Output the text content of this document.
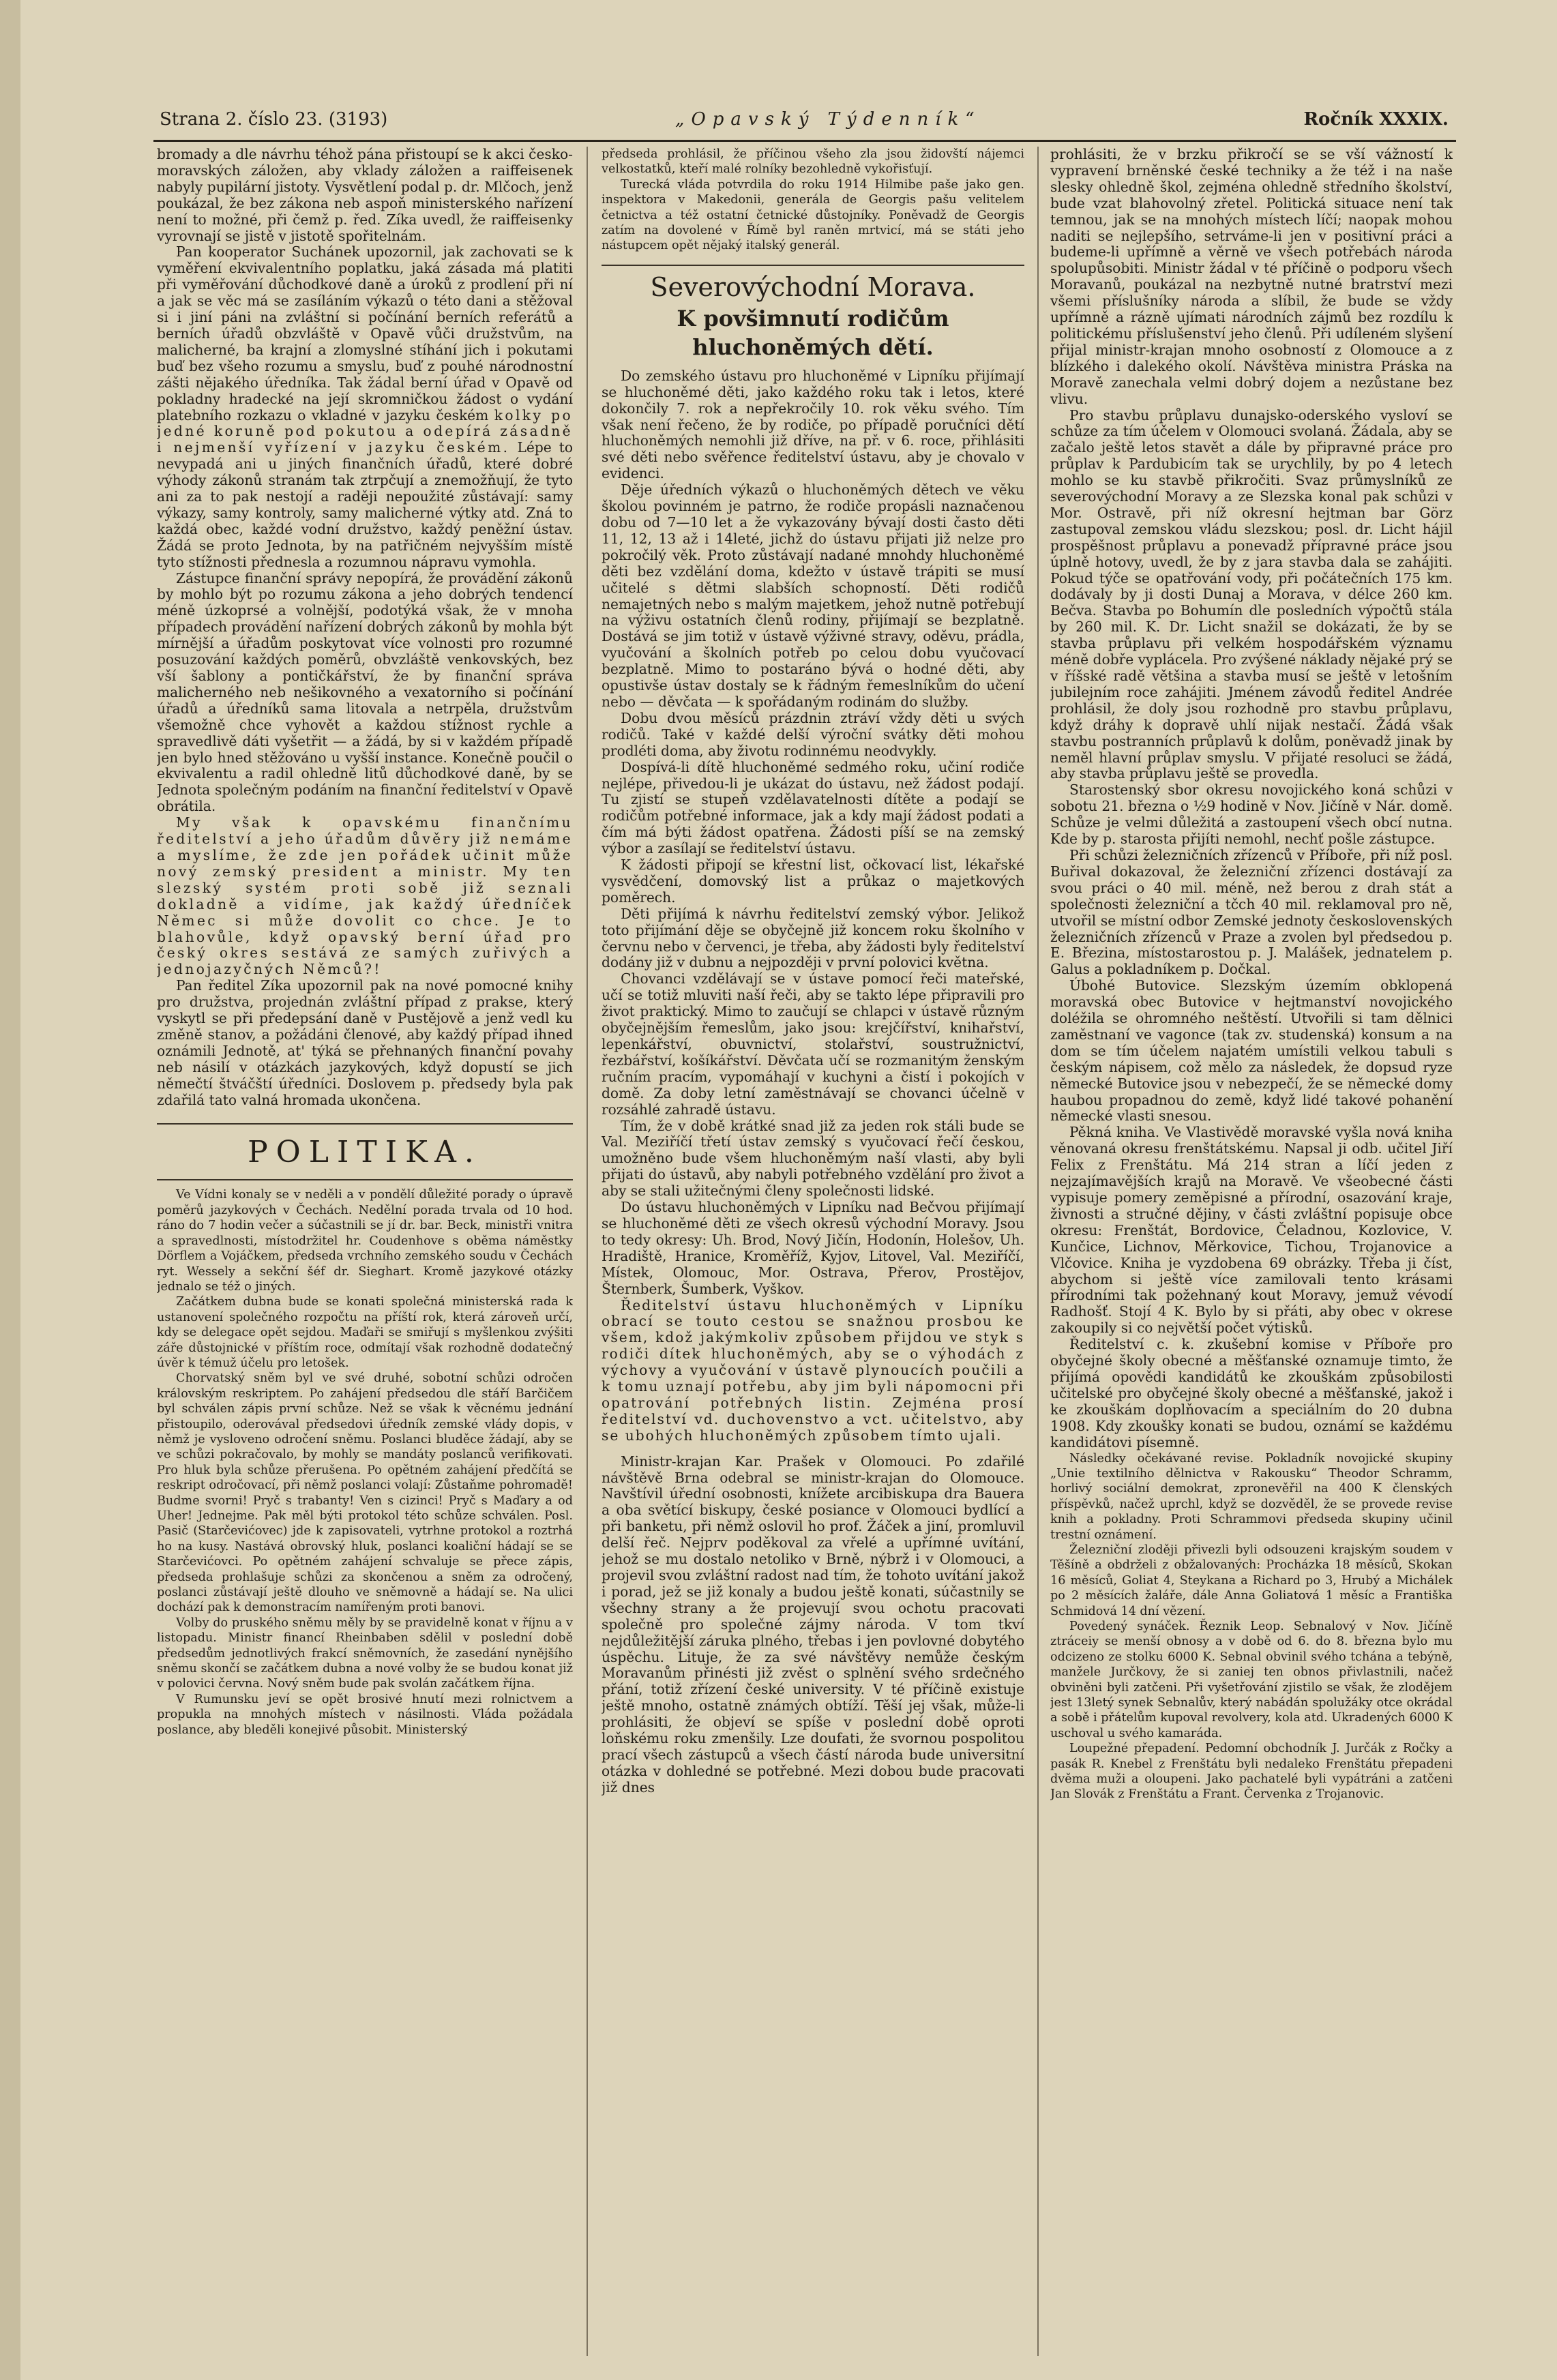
Strana 2. číslo 23. (3193)	„Opavský Týdenník“	Ročník XXXIX.

bromady a dle návrhu téhož pána přistoupí se k akci česko-moravských záložen, aby vklady záložen a raiffeisenek nabyly pupilární jistoty. Vysvětlení podal p. dr. Mlčoch, jenž poukázal, že bez zákona neb aspoň ministerského nařízení není to možné, při čemž p. řed. Zíka uvedl, že raiffeisenky vyrovnají se jistě v jistotě spořitelnám.

Pan kooperator Suchánek upozornil, jak zachovati se k vyměření ekvivalentního poplatku, jaká zásada má platiti při vyměřování důchodkové daně a úroků z prodlení při ní a jak se věc má se zasíláním výkazů o této dani a stěžoval si i jiní páni na zvláštní si počínání berních referátů a berních úřadů obzvláště v Opavě vůči družstvům, na malicherné, ba krajní a zlomyslné stíhání jich i pokutami buď bez všeho rozumu a smyslu, buď z pouhé národnostní zášti nějakého úředníka. Tak žádal berní úřad v Opavě od pokladny hradecké na její skromničkou žádost o vydání platebního rozkazu o vkladné v jazyku českém kolky po jedné koruně pod pokutou a odepírá zásadně i nejmenší vyřízení v jazyku českém. Lépe to nevypadá ani u jiných finančních úřadů, které dobré výhody zákonů stranám tak ztrpčují a znemožňují, že tyto ani za to pak nestojí a raději nepoužité zůstávají: samy výkazy, samy kontroly, samy malicherné výtky atd. Zná to každá obec, každé vodní družstvo, každý peněžní ústav. Žádá se proto Jednota, by na patřičném nejvyšším místě tyto stížnosti přednesla a rozumnou nápravu vymohla.

Zástupce finanční správy nepopírá, že provádění zákonů by mohlo být po rozumu zákona a jeho dobrých tendencí méně úzkoprsé a volnější, podotýká však, že v mnoha případech provádění nařízení dobrých zákonů by mohla být mírnější a úřadům poskytovat více volnosti pro rozumné posuzování každých poměrů, obvzláště venkovských, bez vší šablony a pontičkářství, že by finanční správa malicherného neb nešikovného a vexatorního si počínání úřadů a úředníků sama litovala a netrpěla, družstvům všemožně chce vyhovět a každou stížnost rychle a spravedlivě dáti vyšetřit — a žádá, by si v každém případě jen bylo hned stěžováno u vyšší instance. Konečně poučil o ekvivalentu a radil ohledně litů důchodkové daně, by se Jednota společným podáním na finanční ředitelství v Opavě obrátila.

My však k opavskému finančnímu ředitelství a jeho úřadům důvěry již nemáme a myslíme, že zde jen pořádek učinit může nový zemský president a ministr. My ten slezský systém proti sobě již seznali dokladně a vidíme, jak každý úředníček Němec si může dovolit co chce. Je to blahovůle, když opavský berní úřad pro český okres sestává ze samých zuřivých a jednojazyčných Němců?!

Pan ředitel Zíka upozornil pak na nové pomocné knihy pro družstva, projednán zvláštní případ z prakse, který vyskytl se při předepsání daně v Pustějově a jenž vedl ku změně stanov, a požádáni členové, aby každý případ ihned oznámili Jednotě, at' týká se přehnaných finanční povahy neb násilí v otázkách jazykových, když dopustí se jich němečtí štváčští úředníci. Doslovem p. předsedy byla pak zdařilá tato valná hromada ukončena.

POLITIKA.

Ve Vídni konaly se v neděli a v pondělí důležité porady o úpravě poměrů jazykových v Čechách. Nedělní porada trvala od 10 hod. ráno do 7 hodin večer a súčastnili se jí dr. bar. Beck, ministři vnitra a spravedlnosti, místodržitel hr. Coudenhove s oběma náměstky Dörflem a Vojáčkem, předseda vrchního zemského soudu v Čechách ryt. Wessely a sekční šéf dr. Sieghart. Kromě jazykové otázky jednalo se též o jiných.

Začátkem dubna bude se konati společná ministerská rada k ustanovení společného rozpočtu na příští rok, která zároveň určí, kdy se delegace opět sejdou. Maďaři se smiřují s myšlenkou zvýšiti záře důstojnické v příštím roce, odmítají však rozhodně dodatečný úvěr k témuž účelu pro letošek.

Chorvatský sněm byl ve své druhé, sobotní schůzi odročen královským reskriptem. Po zahájení předsedou dle stáří Barčičem byl schválen zápis první schůze. Než se však k věcnému jednání přistoupilo, oderovával předsedovi úředník zemské vlády dopis, v němž je vysloveno odročení sněmu. Poslanci bluděce žádají, aby se ve schůzi pokračovalo, by mohly se mandáty poslanců verifikovati. Pro hluk byla schůze přerušena. Po opětném zahájení předčítá se reskript odročovací, při němž poslanci volají: Zůstaňme pohromadě! Budme svorni! Pryč s trabanty! Ven s cizinci! Pryč s Maďary a od Uher! Jednejme. Pak měl býti protokol této schůze schválen. Posl. Pasič (Starčevićovec) jde k zapisovateli, vytrhne protokol a roztrhá ho na kusy. Nastává obrovský hluk, poslanci koaliční hádají se se Starčevićovci. Po opětném zahájení schvaluje se přece zápis, předseda prohlašuje schůzi za skončenou a sněm za odročený, poslanci zůstávají ještě dlouho ve sněmovně a hádají se. Na ulici dochází pak k demonstracím namířeným proti banovi.

Volby do pruského sněmu měly by se pravidelně konat v říjnu a v listopadu. Ministr financí Rheinbaben sdělil v poslední době předsedům jednotlivých frakcí sněmovních, že zasedání nynějšího sněmu skončí se začátkem dubna a nové volby že se budou konat již v polovici června. Nový sněm bude pak svolán začátkem října.

V Rumunsku jeví se opět brosivé hnutí mezi rolnictvem a propukla na mnohých místech v násilnosti. Vláda požádala poslance, aby bleděli konejivé působit. Ministerský

předseda prohlásil, že příčinou všeho zla jsou židovští nájemci velkostatků, kteří malé rolníky bezohledně vykořisťují.

Turecká vláda potvrdila do roku 1914 Hilmibe paše jako gen. inspektora v Makedonii, generála de Georgis pašu velitelem četnictva a též ostatní četnické důstojníky. Poněvadž de Georgis zatím na dovolené v Římě byl raněn mrtvicí, má se státi jeho nástupcem opět nějaký italský generál.

Severovýchodní Morava.
K povšimnutí rodičům hluchoněmých dětí.

Do zemského ústavu pro hluchoněmé v Lipníku přijímají se hluchoněmé děti, jako každého roku tak i letos, které dokončily 7. rok a nepřekročily 10. rok věku svého. Tím však není řečeno, že by rodiče, po případě poručníci dětí hluchoněmých nemohli již dříve, na př. v 6. roce, přihlásiti své děti nebo svěřence ředitelství ústavu, aby je chovalo v evidenci.

Děje úředních výkazů o hluchoněmých dětech ve věku školou povinném je patrno, že rodiče propásli naznačenou dobu od 7—10 let a že vykazovány bývají dosti často děti 11, 12, 13 až i 14leté, jichž do ústavu přijati již nelze pro pokročilý věk. Proto zůstávají nadané mnohdy hluchoněmé děti bez vzdělání doma, kdežto v ústavě trápiti se musí učitelé s dětmi slabších schopností. Děti rodičů nemajetných nebo s malým majetkem, jehož nutně potřebují na výživu ostatních členů rodiny, přijímají se bezplatně. Dostává se jim totiž v ústavě výživné stravy, oděvu, prádla, vyučování a školních potřeb po celou dobu vyučovací bezplatně. Mimo to postaráno bývá o hodné děti, aby opustivše ústav dostaly se k řádným řemeslníkům do učení nebo — děvčata — k spořádaným rodinám do služby.

Dobu dvou měsíců prázdnin ztráví vždy děti u svých rodičů. Také v každé delší výroční svátky děti mohou prodléti doma, aby životu rodinnému neodvykly.

Dospívá-li dítě hluchoněmé sedmého roku, učiní rodiče nejlépe, přivedou-li je ukázat do ústavu, než žádost podají. Tu zjistí se stupeň vzdělavatelnosti dítěte a podají se rodičům potřebné informace, jak a kdy mají žádost podati a čím má býti žádost opatřena. Žádosti píší se na zemský výbor a zasílají se ředitelství ústavu.

K žádosti připojí se křestní list, očkovací list, lékařské vysvědčení, domovský list a průkaz o majetkových poměrech.

Děti přijímá k návrhu ředitelství zemský výbor. Jelikož toto přijímání děje se obyčejně již koncem roku školního v červnu nebo v červenci, je třeba, aby žádosti byly ředitelství dodány již v dubnu a nejpozději v první polovici května.

Chovanci vzdělávají se v ústave pomocí řeči mateřské, učí se totiž mluviti naší řeči, aby se takto lépe připravili pro život praktický. Mimo to zaučují se chlapci v ústavě různým obyčejnějším řemeslům, jako jsou: krejčířství, knihařství, lepenkářství, obuvnictví, stolařství, soustružnictví, řezbářství, košíkářství. Děvčata učí se rozmanitým ženským ručním pracím, vypomáhají v kuchyni a čistí i pokojích v domě. Za doby letní zaměstnávají se chovanci účelně v rozsáhlé zahradě ústavu.

Tím, že v době krátké snad již za jeden rok stáli bude se Val. Meziříčí třetí ústav zemský s vyučovací řečí českou, umožněno bude všem hluchoněmým naší vlasti, aby byli přijati do ústavů, aby nabyli potřebného vzdělání pro život a aby se stali užitečnými členy společnosti lidské.

Do ústavu hluchoněmých v Lipníku nad Bečvou přijímají se hluchoněmé děti ze všech okresů východní Moravy. Jsou to tedy okresy: Uh. Brod, Nový Jičín, Hodonín, Holešov, Uh. Hradiště, Hranice, Kroměříž, Kyjov, Litovel, Val. Meziříčí, Místek, Olomouc, Mor. Ostrava, Přerov, Prostějov, Šternberk, Šumberk, Vyškov.

Ředitelství ústavu hluchoněmých v Lipníku obrací se touto cestou se snažnou prosbou ke všem, kdož jakýmkoliv způsobem přijdou ve styk s rodiči dítek hluchoněmých, aby se o výhodách z výchovy a vyučování v ústavě plynoucích poučili a k tomu uznají potřebu, aby jim byli nápomocni při opatrování potřebných listin. Zejména prosí ředitelství vd. duchovenstvo a vct. učitelstvo, aby se ubohých hluchoněmých způsobem tímto ujali.

Ministr-krajan Kar. Prašek v Olomouci. Po zdařilé návštěvě Brna odebral se ministr-krajan do Olomouce. Navštívil úřední osobnosti, knížete arcibiskupa dra Bauera a oba světící biskupy, české posiance v Olomouci bydlící a při banketu, při němž oslovil ho prof. Žáček a jiní, promluvil delší řeč. Nejprv poděkoval za vřelé a upřímné uvítání, jehož se mu dostalo netoliko v Brně, nýbrž i v Olomouci, a projevil svou zvláštní radost nad tím, že tohoto uvítání jakož i porad, jež se již konaly a budou ještě konati, súčastnily se všechny strany a že projevují svou ochotu pracovati společně pro společné zájmy národa. V tom tkví nejdůležitější záruka plného, třebas i jen povlovné dobytého úspěchu. Lituje, že za své návštěvy nemůže českým Moravanům přinésti již zvěst o splnění svého srdečného přání, totiž zřízení české university. V té příčině existuje ještě mnoho, ostatně známých obtíží. Těší jej však, může-li prohlásiti, že objeví se spíše v poslední době oproti loňskému roku zmenšily. Lze doufati, že svornou pospolitou prací všech zástupců a všech částí národa bude universitní otázka v dohledné se potřebné. Mezi dobou bude pracovati již dnes

prohlásiti, že v brzku přikročí se se vší vážností k vypravení brněnské české techniky a že též i na naše slesky ohledně škol, zejména ohledně středního školství, bude vzat blahovolný zřetel. Politická situace není tak temnou, jak se na mnohých místech líčí; naopak mohou naditi se nejlepšího, setrváme-li jen v positivní práci a budeme-li upřímně a věrně ve všech potřebách národa spolupůsobiti. Ministr žádal v té příčině o podporu všech Moravanů, poukázal na nezbytně nutné bratrství mezi všemi příslušníky národa a slíbil, že bude se vždy upřímně a rázně ujímati národních zájmů bez rozdílu k politickému příslušenství jeho členů. Při udíleném slyšení přijal ministr-krajan mnoho osobností z Olomouce a z blízkého i dalekého okolí. Návštěva ministra Práska na Moravě zanechala velmi dobrý dojem a nezůstane bez vlivu.

Pro stavbu průplavu dunajsko-oderského vysloví se schůze za tím účelem v Olomouci svolaná. Žádala, aby se začalo ještě letos stavět a dále by připravné práce pro průplav k Pardubicím tak se urychlily, by po 4 letech mohlo se ku stavbě přikročiti. Svaz průmyslníků ze severovýchodní Moravy a ze Slezska konal pak schůzi v Mor. Ostravě, při níž okresní hejtman bar Görz zastupoval zemskou vládu slezskou; posl. dr. Licht hájil prospěšnost průplavu a ponevadž přípravné práce jsou úplně hotovy, uvedl, že by z jara stavba dala se zahájiti. Pokud týče se opatřování vody, při počátečních 175 km. dodávaly by ji dosti Dunaj a Morava, v délce 260 km. Bečva. Stavba po Bohumín dle posledních výpočtů stála by 260 mil. K. Dr. Licht snažil se dokázati, že by se stavba průplavu při velkém hospodářském významu méně dobře vyplácela. Pro zvýšené náklady nějaké prý se v říšské radě většina a stavba musí se ještě v letošním jubilejním roce zahájiti. Jménem závodů ředitel Andrée prohlásil, že doly jsou rozhodně pro stavbu průplavu, když dráhy k dopravě uhlí nijak nestačí. Žádá však stavbu postranních průplavů k dolům, poněvadž jinak by neměl hlavní průplav smyslu. V přijaté resoluci se žádá, aby stavba průplavu ještě se provedla.

Starostenský sbor okresu novojického koná schůzi v sobotu 21. března o ½9 hodině v Nov. Jičíně v Nár. domě. Schůze je velmi důležitá a zastoupení všech obcí nutna. Kde by p. starosta přijíti nemohl, nechť pošle zástupce.

Při schůzi železničních zřízenců v Příboře, při níž posl. Buřival dokazoval, že železniční zřízenci dostávají za svou práci o 40 mil. méně, než berou z drah stát a společnosti železniční a tčch 40 mil. reklamoval pro ně, utvořil se místní odbor Zemské jednoty československých železničních zřízenců v Praze a zvolen byl předsedou p. E. Březina, místostarostou p. J. Malášek, jednatelem p. Galus a pokladníkem p. Dočkal.

Úbohé Butovice. Slezským územím obklopená moravská obec Butovice v hejtmanství novojického doléžila se ohromného neštěstí. Utvořili si tam dělnici zaměstnaní ve vagonce (tak zv. studenská) konsum a na dom se tím účelem najatém umístili velkou tabuli s českým nápisem, což mělo za následek, že dopsud ryze německé Butovice jsou v nebezpečí, že se německé domy haubou propadnou do země, když lidé takové pohanění německé vlasti snesou.

Pěkná kniha. Ve Vlastivědě moravské vyšla nová kniha věnovaná okresu frenštátskému. Napsal ji odb. učitel Jiří Felix z Frenštátu. Má 214 stran a líčí jeden z nejzajímavějších krajů na Moravě. Ve všeobecné části vypisuje pomery zeměpisné a přírodní, osazování kraje, živnosti a stručné dějiny, v části zvláštní popisuje obce okresu: Frenštát, Bordovice, Čeladnou, Kozlovice, V. Kunčice, Lichnov, Měrkovice, Tichou, Trojanovice a Vlčovice. Kniha je vyzdobena 69 obrázky. Třeba ji číst, abychom si ještě více zamilovali tento krásami přírodními tak požehnaný kout Moravy, jemuž vévodí Radhošť. Stojí 4 K. Bylo by si přáti, aby obec v okrese zakoupily si co největší počet výtisků.

Ředitelství c. k. zkušební komise v Příboře pro obyčejné školy obecné a měšťanské oznamuje timto, že přijímá opovědi kandidátů ke zkouškám způsobilosti učitelské pro obyčejné školy obecné a měšťanské, jakož i ke zkouškám doplňovacím a speciálním do 20 dubna 1908. Kdy zkoušky konati se budou, oznámí se každému kandidátovi písemně.

Následky očekávané revise. Pokladník novojické skupiny „Unie textilního dělnictva v Rakousku“ Theodor Schramm, horlivý sociální demokrat, zpronevěřil na 400 K členských příspěvků, načež uprchl, když se dozvěděl, že se provede revise knih a pokladny. Proti Schrammovi předseda skupiny učinil trestní oznámení.

Železniční zloději přivezli byli odsouzeni krajským soudem v Těšíně a obdrželi z obžalovaných: Procházka 18 měsíců, Skokan 16 měsíců, Goliat 4, Steykana a Richard po 3, Hrubý a Michálek po 2 měsících žaláře, dále Anna Goliatová 1 měsíc a Františka Schmidová 14 dní vězení.

Povedený synáček. Řeznik Leop. Sebnalový v Nov. Jičíně ztráceiy se menší obnosy a v době od 6. do 8. března bylo mu odcizeno ze stolku 6000 K. Sebnal obvinil svého tchána a tebýně, manžele Jurčkovy, že si zaniej ten obnos přivlastnili, načež obviněni byli zatčeni. Při vyšetřování zjistilo se však, že zlodějem jest 13letý synek Sebnalův, který nabádán spolužáky otce okrádal a sobě i přátelům kupoval revolvery, kola atd. Ukradených 6000 K uschoval u svého kamaráda.

Loupežné přepadení. Pedomní obchodník J. Jurčák z Ročky a pasák R. Knebel z Frenštátu byli nedaleko Frenštátu přepadeni dvěma muži a oloupeni. Jako pachatelé byli vypátráni a zatčeni Jan Slovák z Frenštátu a Frant. Červenka z Trojanovic.
